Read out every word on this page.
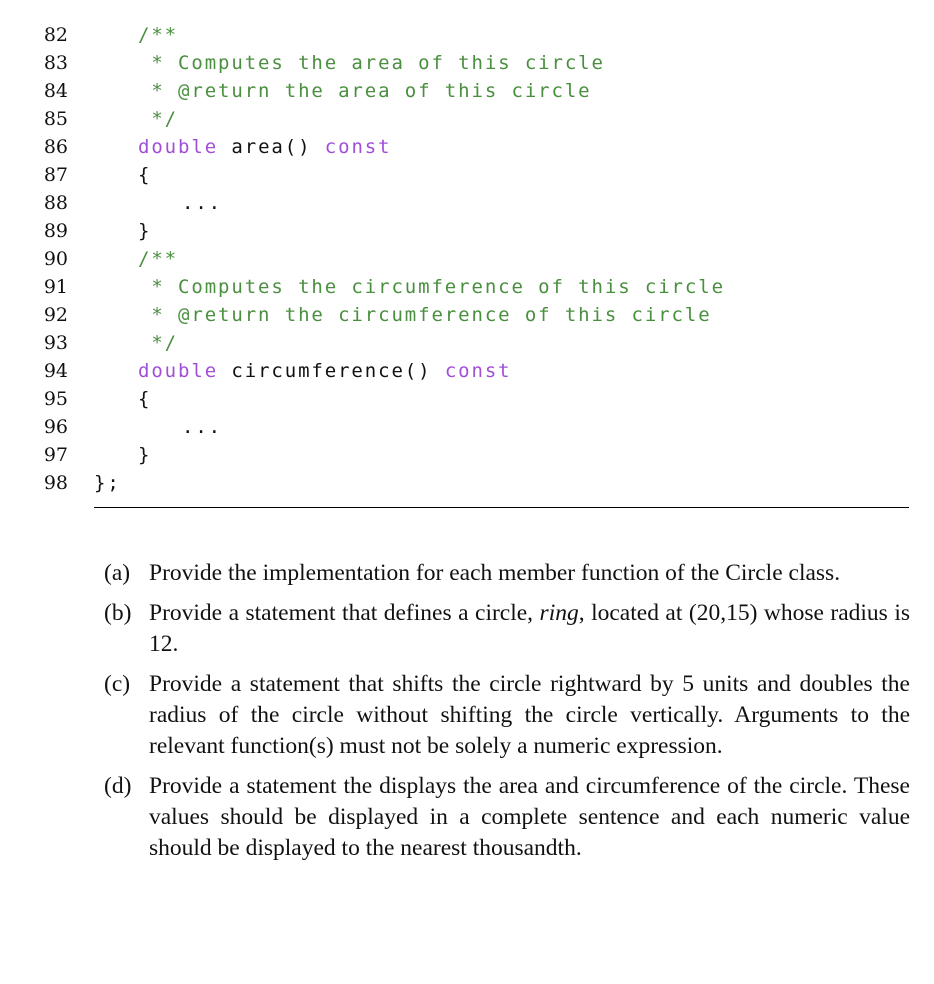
82	/**
83	* Computes the area of this circle
84	* @return the area of this circle
85	*/
86	double area() const
87	{
88	...
89	}
90	/**
91	* Computes the circumference of this circle
92	* @return the circumference of this circle
93	*/
94	double circumference() const
95	{
96	...
97	}
98 };
(a) Provide the implementation for each member function of the Circle class.
(b) Provide a statement that defines a circle, ring, located at (20,15) whose radius is 12.
(c) Provide a statement that shifts the circle rightward by 5 units and doubles the radius of the circle without shifting the circle vertically. Arguments to the relevant function(s) must not be solely a numeric expression.
(d) Provide a statement the displays the area and circumference of the circle. These values should be displayed in a complete sentence and each numeric value should be displayed to the nearest thousandth.
